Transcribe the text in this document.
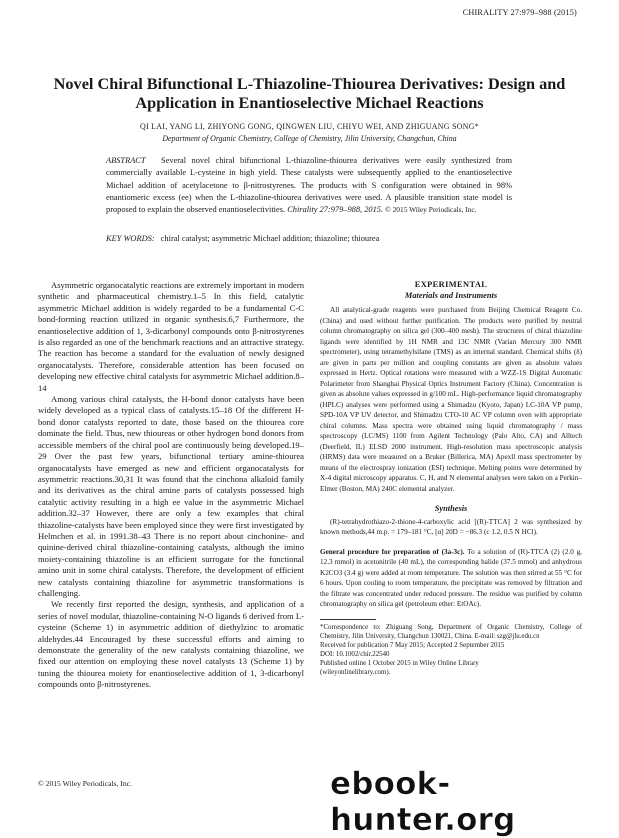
CHIRALITY 27:979–988 (2015)
Novel Chiral Bifunctional L-Thiazoline-Thiourea Derivatives: Design and Application in Enantioselective Michael Reactions
QI LAI, YANG LI, ZHIYONG GONG, QINGWEN LIU, CHIYU WEI, AND ZHIGUANG SONG*
Department of Organic Chemistry, College of Chemistry, Jilin University, Changchun, China
ABSTRACT Several novel chiral bifunctional L-thiazoline-thiourea derivatives were easily synthesized from commercially available L-cysteine in high yield. These catalysts were subsequently applied to the enantioselective Michael addition of acetylacetone to β-nitrostyrenes. The products with S configuration were obtained in 98% enantiomeric excess (ee) when the L-thiazoline-thiourea derivatives were used. A plausible transition state model is proposed to explain the observed enantioselectivities. Chirality 27:979–988, 2015. © 2015 Wiley Periodicals, Inc.
KEY WORDS: chiral catalyst; asymmetric Michael addition; thiazoline; thiourea

Asymmetric organocatalytic reactions are extremely important in modern synthetic and pharmaceutical chemistry.1–5 In this field, catalytic asymmetric Michael addition is widely regarded to be a fundamental C-C bond-forming reaction utilized in organic synthesis.6,7 Furthermore, the enantioselective addition of 1, 3-dicarbonyl compounds onto β-nitrostyrenes is also regarded as one of the benchmark reactions and an attractive strategy. The reaction has become a standard for the evaluation of newly designed organocatalysts. Therefore, considerable attention has been focused on developing new effective chiral catalysts for asymmetric Michael addition.8–14

Among various chiral catalysts, the H-bond donor catalysts have been widely developed as a typical class of catalysts.15–18 Of the different H-bond donor catalysts reported to date, those based on the thiourea core dominate the field. Thus, new thioureas or other hydrogen bond donors from accessible members of the chiral pool are continuously being developed.19–29 Over the past few years, bifunctional tertiary amine-thiourea organocatalysts have emerged as new and efficient organocatalysts for asymmetric reactions.30,31 It was found that the cinchona alkaloid family and its derivatives as the chiral amine parts of catalysts possessed high catalytic activity resulting in a high ee value in the asymmetric Michael addition.32–37 However, there are only a few examples that chiral thiazoline-catalysts have been employed since they were first investigated by Helmchen et al. in 1991.38–43 There is no report about cinchonine- and quinine-derived chiral thiazoline-containing catalysts, although the imino moiety-containing thiazoline is an efficient surrogate for the functional amino unit in some chiral catalysts. Therefore, the development of efficient new catalysts containing thiazoline for asymmetric transformations is challenging.

We recently first reported the design, synthesis, and application of a series of novel modular, thiazoline-containing N-O ligands 6 derived from L-cysteine (Scheme 1) in asymmetric addition of diethylzinc to aromatic aldehydes.44 Encouraged by these successful efforts and aiming to demonstrate the generality of the new catalysts containing thiazoline, we fixed our attention on employing these novel catalysts 13 (Scheme 1) by tuning the thiourea moiety for enantioselective addition of 1, 3-dicarbonyl compounds onto β-nitrostyrenes.

EXPERIMENTAL
Materials and Instruments

All analytical-grade reagents were purchased from Beijing Chemical Reagent Co. (China) and used without further purification. The products were purified by neutral column chromatography on silica gel (300–400 mesh). The structures of chiral thiazoline ligands were identified by 1H NMR and 13C NMR (Varian Mercury 300 NMR spectrometer), using tetramethylsilane (TMS) as an internal standard. Chemical shifts (δ) are given in parts per million and coupling constants are given as absolute values expressed in Hertz. Optical rotations were measured with a WZZ-1S Digital Automatic Polarimeter from Shanghai Physical Optics Instrument Factory (China). Concentration is given as absolute values expressed in g/100 mL. High-performance liquid chromatography (HPLC) analyses were performed using a Shimadzu (Kyoto, Japan) LC-10A VP pump, SPD-10A VP UV detector, and Shimadzu CTO-10 AC VP column oven with appropriate chiral columns. Mass spectra were obtained using liquid chromatography / mass spectroscopy (LC/MS) 1100 from Agilent Technology (Palo Alto, CA) and Alltech (Deerfield, IL) ELSD 2000 instrument. High-resolution mass spectroscopic analysis (HRMS) data were measured on a Bruker (Billerica, MA) Apexll mass spectrometer by means of the electrospray ionization (ESI) technique. Melting points were determined by X-4 digital microscopy apparatus. C, H, and N elemental analyses were taken on a Perkin–Elmer (Boston, MA) 240C elemental analyzer.

Synthesis

(R)-tetrahydrothiazo-2-thione-4-carboxylic acid [(R)-TTCA] 2 was synthesized by known methods,44 m.p. = 179–181 °C, [α] 20D = −86.3 (c 1.2, 0.5 N HCl).

General procedure for preparation of (3a-3c). To a solution of (R)-TTCA (2) (2.0 g, 12.3 mmol) in acetonitrile (40 mL), the corresponding halide (37.5 mmol) and anhydrous K2CO3 (3.4 g) were added at room temperature. The solution was then stirred at 55 °C for 6 hours. Upon cooling to room temperature, the precipitate was removed by filtration and the filtrate was concentrated under reduced pressure. The residue was purified by column chromatography on silica gel (petroleum ether: EtOAc).

*Correspondence to: Zhiguang Song, Department of Organic Chemistry, College of Chemistry, Jilin University, Changchun 130021, China. E-mail: szg@jlu.edu.cn
Received for publication 7 May 2015; Accepted 2 September 2015
DOI: 10.1002/chir.22540
Published online 1 October 2015 in Wiley Online Library
(wileyonlinelibrary.com).
© 2015 Wiley Periodicals, Inc.	ebook-hunter.org
